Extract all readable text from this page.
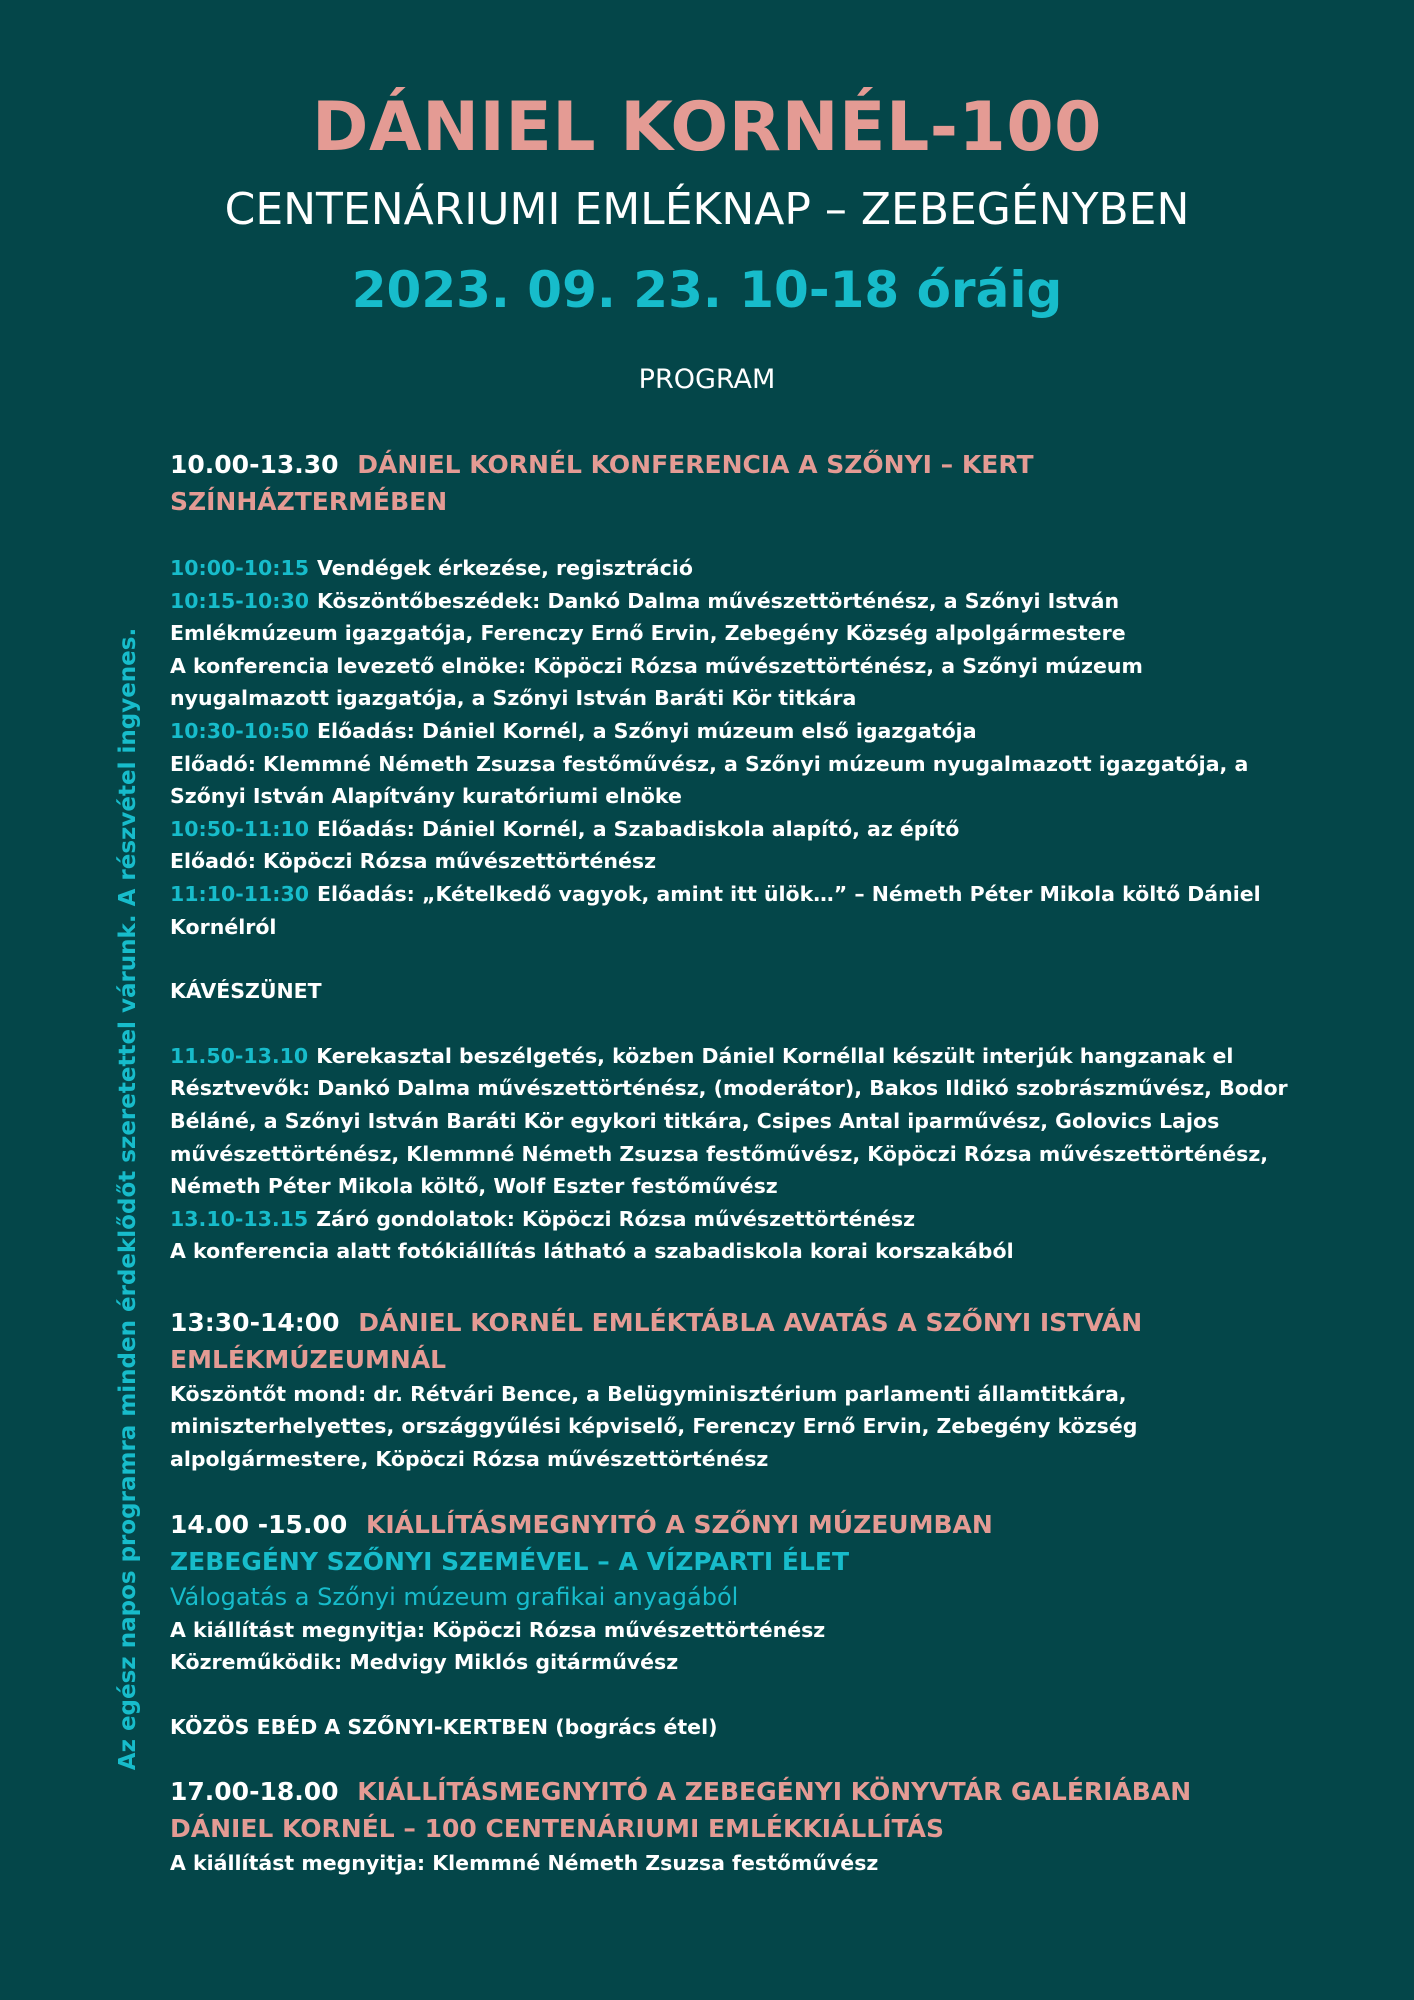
DÁNIEL KORNÉL-100
CENTENÁRIUMI EMLÉKNAP – ZEBEGÉNYBEN
2023. 09. 23. 10-18 óráig
PROGRAM
Az egész napos programra minden érdeklődőt szeretettel várunk. A részvétel ingyenes.
10.00-13.30 DÁNIEL KORNÉL KONFERENCIA A SZŐNYI – KERT SZÍNHÁZTERMÉBEN
10:00-10:15 Vendégek érkezése, regisztráció
10:15-10:30 Köszöntőbeszédek: Dankó Dalma művészettörténész, a Szőnyi István Emlékmúzeum igazgatója, Ferenczy Ernő Ervin, Zebegény Község alpolgármestere
A konferencia levezető elnöke: Köpöczi Rózsa művészettörténész, a Szőnyi múzeum nyugalmazott igazgatója, a Szőnyi István Baráti Kör titkára
10:30-10:50 Előadás: Dániel Kornél, a Szőnyi múzeum első igazgatója
Előadó: Klemmné Németh Zsuzsa festőművész, a Szőnyi múzeum nyugalmazott igazgatója, a Szőnyi István Alapítvány kuratóriumi elnöke
10:50-11:10 Előadás: Dániel Kornél, a Szabadiskola alapító, az építő
Előadó: Köpöczi Rózsa művészettörténész
11:10-11:30 Előadás: „Kételkedő vagyok, amint itt ülök…” – Németh Péter Mikola költő Dániel Kornélról
KÁVÉSZÜNET
11.50-13.10 Kerekasztal beszélgetés, közben Dániel Kornéllal készült interjúk hangzanak el
Résztvevők: Dankó Dalma művészettörténész, (moderátor), Bakos Ildikó szobrászművész, Bodor Béláné, a Szőnyi István Baráti Kör egykori titkára, Csipes Antal iparművész, Golovics Lajos művészettörténész, Klemmné Németh Zsuzsa festőművész, Köpöczi Rózsa művészettörténész, Németh Péter Mikola költő, Wolf Eszter festőművész
13.10-13.15 Záró gondolatok: Köpöczi Rózsa művészettörténész
A konferencia alatt fotókiállítás látható a szabadiskola korai korszakából
13:30-14:00 DÁNIEL KORNÉL EMLÉKTÁBLA AVATÁS A SZŐNYI ISTVÁN EMLÉKMÚZEUMNÁL
Köszöntőt mond: dr. Rétvári Bence, a Belügyminisztérium parlamenti államtitkára, miniszterhelyettes, országgyűlési képviselő, Ferenczy Ernő Ervin, Zebegény község alpolgármestere, Köpöczi Rózsa művészettörténész
14.00 -15.00 KIÁLLÍTÁSMEGNYITÓ A SZŐNYI MÚZEUMBAN
ZEBEGÉNY SZŐNYI SZEMÉVEL – A VÍZPARTI ÉLET
Válogatás a Szőnyi múzeum grafikai anyagából
A kiállítást megnyitja: Köpöczi Rózsa művészettörténész
Közreműködik: Medvigy Miklós gitárművész
KÖZÖS EBÉD A SZŐNYI-KERTBEN (bogrács étel)
17.00-18.00 KIÁLLÍTÁSMEGNYITÓ A ZEBEGÉNYI KÖNYVTÁR GALÉRIÁBAN
DÁNIEL KORNÉL – 100 CENTENÁRIUMI EMLÉKKIÁLLÍTÁS
A kiállítást megnyitja: Klemmné Németh Zsuzsa festőművész
